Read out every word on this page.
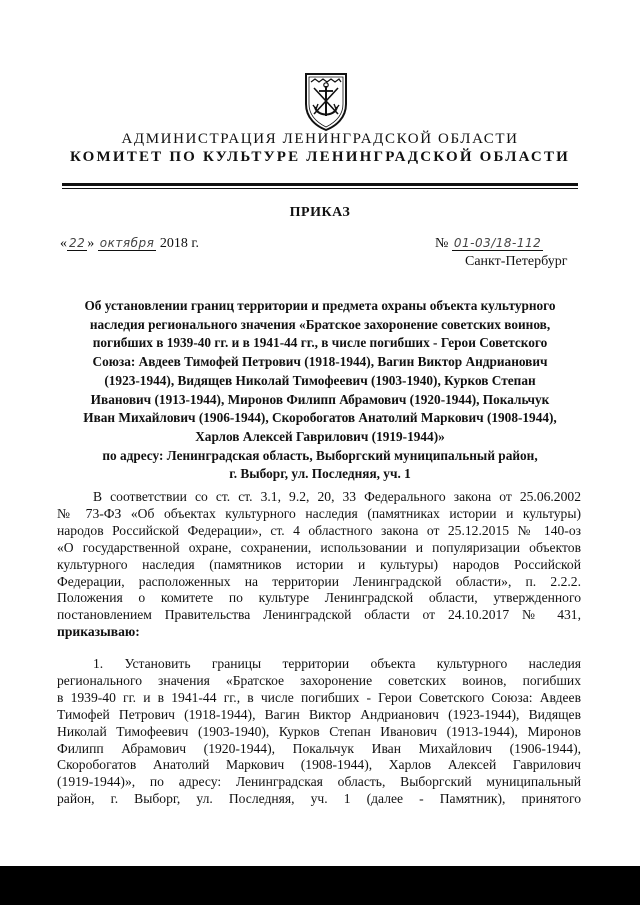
АДМИНИСТРАЦИЯ ЛЕНИНГРАДСКОЙ ОБЛАСТИ
КОМИТЕТ ПО КУЛЬТУРЕ ЛЕНИНГРАДСКОЙ ОБЛАСТИ
ПРИКАЗ
« 22 » октября 2018 г.	№ 01-03/18-112
Санкт-Петербург
Об установлении границ территории и предмета охраны объекта культурного
наследия регионального значения «Братское захоронение советских воинов,
погибших в 1939-40 гг. и в 1941-44 гг., в числе погибших - Герои Советского
Союза: Авдеев Тимофей Петрович (1918-1944), Вагин Виктор Андрианович
(1923-1944), Видящев Николай Тимофеевич (1903-1940), Курков Степан
Иванович (1913-1944), Миронов Филипп Абрамович (1920-1944), Покальчук
Иван Михайлович (1906-1944), Скоробогатов Анатолий Маркович (1908-1944),
Харлов Алексей Гаврилович (1919-1944)»
по адресу: Ленинградская область, Выборгский муниципальный район,
г. Выборг, ул. Последняя, уч. 1
В соответствии со ст. ст. 3.1, 9.2, 20, 33 Федерального закона от 25.06.2002
№ 73-ФЗ «Об объектах культурного наследия (памятниках истории и культуры)
народов Российской Федерации», ст. 4 областного закона от 25.12.2015 № 140-оз
«О государственной охране, сохранении, использовании и популяризации объектов
культурного наследия (памятников истории и культуры) народов Российской
Федерации, расположенных на территории Ленинградской области», п. 2.2.2.
Положения о комитете по культуре Ленинградской области, утвержденного
постановлением Правительства Ленинградской области от 24.10.2017 № 431,
приказываю:
1. Установить границы территории объекта культурного наследия
регионального значения «Братское захоронение советских воинов, погибших
в 1939-40 гг. и в 1941-44 гг., в числе погибших - Герои Советского Союза: Авдеев
Тимофей Петрович (1918-1944), Вагин Виктор Андрианович (1923-1944), Видящев
Николай Тимофеевич (1903-1940), Курков Степан Иванович (1913-1944), Миронов
Филипп Абрамович (1920-1944), Покальчук Иван Михайлович (1906-1944),
Скоробогатов Анатолий Маркович (1908-1944), Харлов Алексей Гаврилович
(1919-1944)», по адресу: Ленинградская область, Выборгский муниципальный
район, г. Выборг, ул. Последняя, уч. 1 (далее - Памятник), принятого
